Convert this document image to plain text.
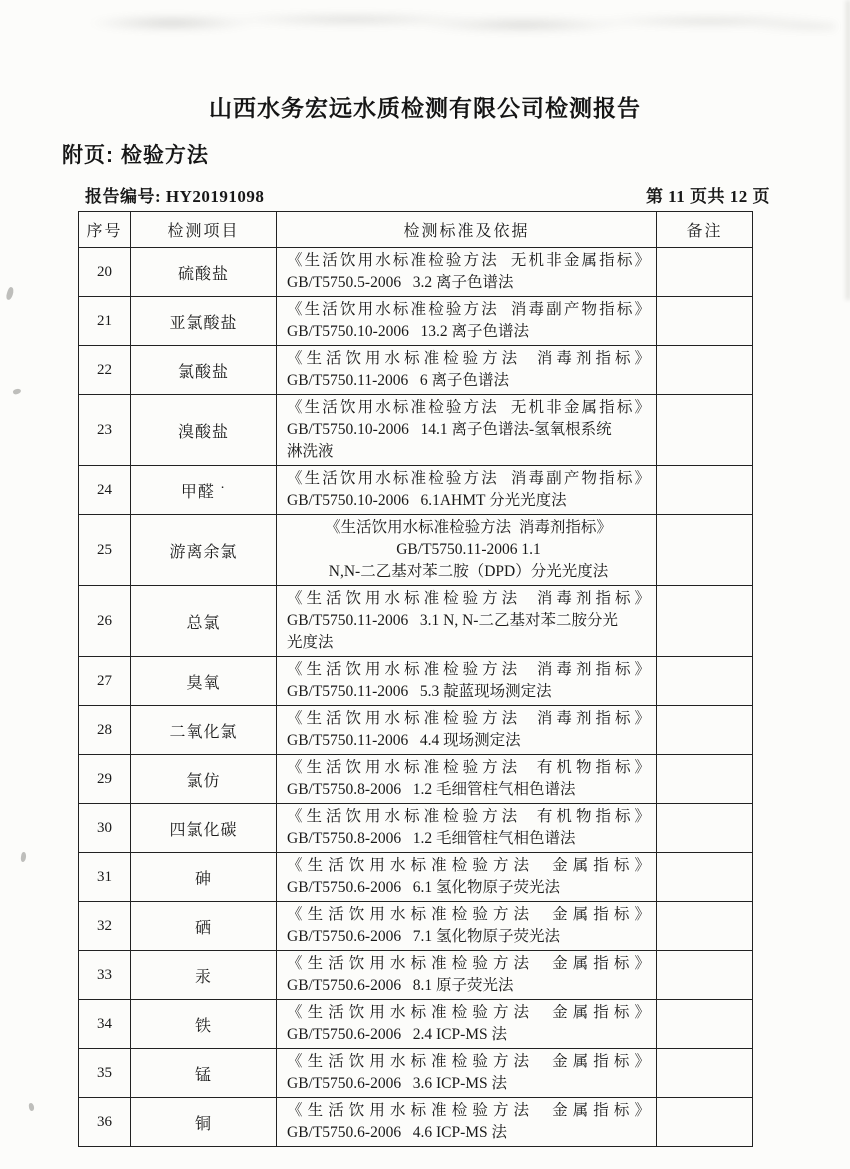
山西水务宏远水质检测有限公司检测报告
附页: 检验方法
报告编号: HY20191098	第 11 页共 12 页
序号	检测项目	检测标准及依据	备注
20	硫酸盐	《生活饮用水标准检验方法  无机非金属指标》
GB/T5750.5-2006   3.2 离子色谱法	

21	亚氯酸盐	《生活饮用水标准检验方法  消毒副产物指标》
GB/T5750.10-2006   13.2 离子色谱法	

22	氯酸盐	《生活饮用水标准检验方法  消毒剂指标》
GB/T5750.11-2006   6 离子色谱法	

23	溴酸盐	《生活饮用水标准检验方法  无机非金属指标》
GB/T5750.10-2006   14.1 离子色谱法-氢氧根系统
淋洗液	

24	甲醛 ˙	《生活饮用水标准检验方法  消毒副产物指标》
GB/T5750.10-2006   6.1AHMT 分光光度法	

25	游离余氯	《生活饮用水标准检验方法  消毒剂指标》
GB/T5750.11-2006 1.1
N,N-二乙基对苯二胺（DPD）分光光度法	

26	总氯	《生活饮用水标准检验方法  消毒剂指标》
GB/T5750.11-2006   3.1 N, N-二乙基对苯二胺分光
光度法	

27	臭氧	《生活饮用水标准检验方法  消毒剂指标》
GB/T5750.11-2006   5.3 靛蓝现场测定法	

28	二氧化氯	《生活饮用水标准检验方法  消毒剂指标》
GB/T5750.11-2006   4.4 现场测定法	

29	氯仿	《生活饮用水标准检验方法  有机物指标》
GB/T5750.8-2006   1.2 毛细管柱气相色谱法	

30	四氯化碳	《生活饮用水标准检验方法  有机物指标》
GB/T5750.8-2006   1.2 毛细管柱气相色谱法	

31	砷	《生活饮用水标准检验方法  金属指标》
GB/T5750.6-2006   6.1 氢化物原子荧光法	

32	硒	《生活饮用水标准检验方法  金属指标》
GB/T5750.6-2006   7.1 氢化物原子荧光法	

33	汞	《生活饮用水标准检验方法  金属指标》
GB/T5750.6-2006   8.1 原子荧光法	

34	铁	《生活饮用水标准检验方法  金属指标》
GB/T5750.6-2006   2.4 ICP-MS 法	

35	锰	《生活饮用水标准检验方法  金属指标》
GB/T5750.6-2006   3.6 ICP-MS 法	

36	铜	《生活饮用水标准检验方法  金属指标》
GB/T5750.6-2006   4.6 ICP-MS 法	
